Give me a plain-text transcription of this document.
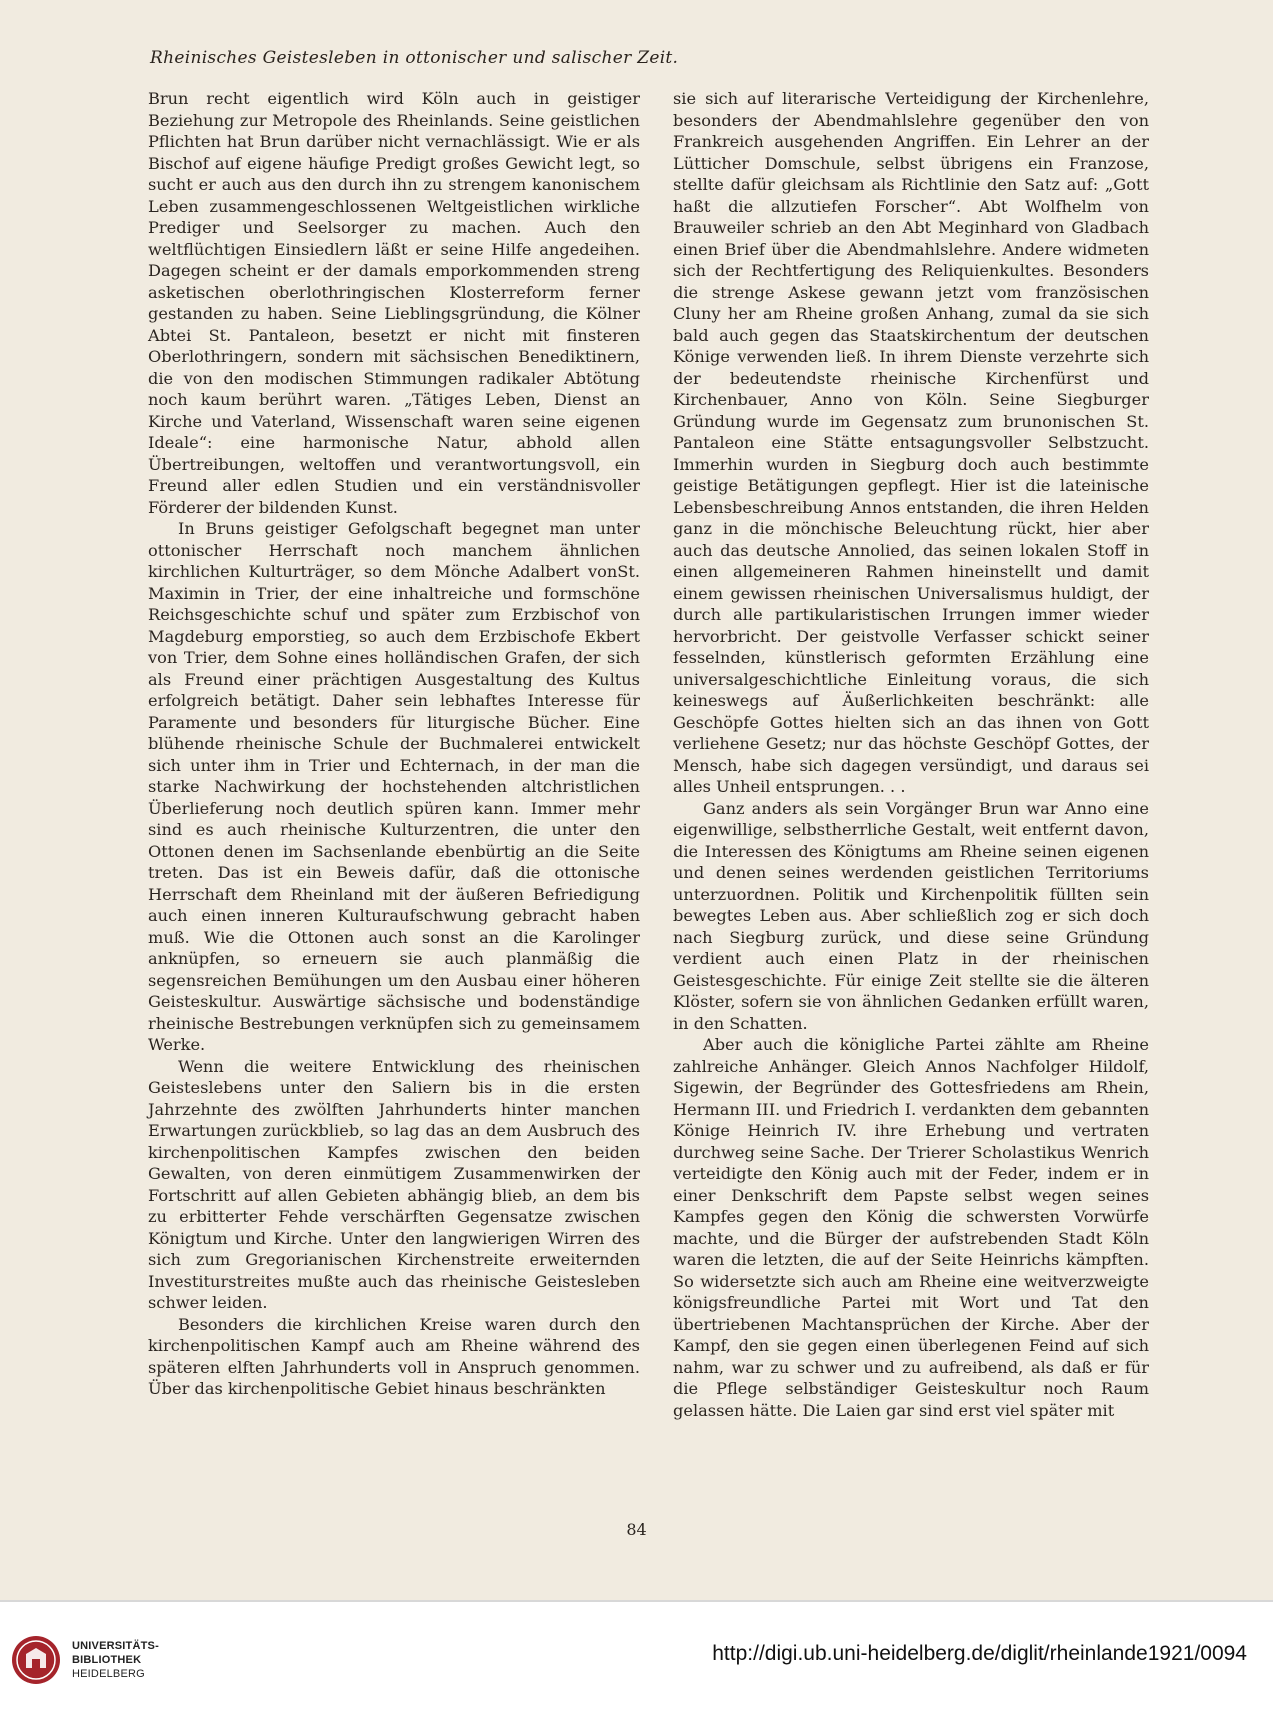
Rheinisches Geistesleben in ottonischer und salischer Zeit.

Brun recht eigentlich wird Köln auch in geistiger Beziehung zur Metropole des Rheinlands. Seine geistlichen Pflichten hat Brun darüber nicht vernachlässigt. Wie er als Bischof auf eigene häufige Predigt großes Gewicht legt, so sucht er auch aus den durch ihn zu strengem kanonischem Leben zusammengeschlossenen Weltgeistlichen wirkliche Prediger und Seelsorger zu machen. Auch den weltflüchtigen Einsiedlern läßt er seine Hilfe angedeihen. Dagegen scheint er der damals emporkommenden streng asketischen oberlothringischen Klosterreform ferner gestanden zu haben. Seine Lieblingsgründung, die Kölner Abtei St. Pantaleon, besetzt er nicht mit finsteren Oberlothringern, sondern mit sächsischen Benediktinern, die von den modischen Stimmungen radikaler Abtötung noch kaum berührt waren. „Tätiges Leben, Dienst an Kirche und Vaterland, Wissenschaft waren seine eigenen Ideale“: eine harmonische Natur, abhold allen Übertreibungen, weltoffen und verantwortungsvoll, ein Freund aller edlen Studien und ein verständnisvoller Förderer der bildenden Kunst.

In Bruns geistiger Gefolgschaft begegnet man unter ottonischer Herrschaft noch manchem ähnlichen kirchlichen Kulturträger, so dem Mönche Adalbert vonSt. Maximin in Trier, der eine inhaltreiche und formschöne Reichsgeschichte schuf und später zum Erzbischof von Magdeburg emporstieg, so auch dem Erzbischofe Ekbert von Trier, dem Sohne eines holländischen Grafen, der sich als Freund einer prächtigen Ausgestaltung des Kultus erfolgreich betätigt. Daher sein lebhaftes Interesse für Paramente und besonders für liturgische Bücher. Eine blühende rheinische Schule der Buchmalerei entwickelt sich unter ihm in Trier und Echternach, in der man die starke Nachwirkung der hochstehenden altchristlichen Überlieferung noch deutlich spüren kann. Immer mehr sind es auch rheinische Kulturzentren, die unter den Ottonen denen im Sachsenlande ebenbürtig an die Seite treten. Das ist ein Beweis dafür, daß die ottonische Herrschaft dem Rheinland mit der äußeren Befriedigung auch einen inneren Kulturaufschwung gebracht haben muß. Wie die Ottonen auch sonst an die Karolinger anknüpfen, so erneuern sie auch planmäßig die segensreichen Bemühungen um den Ausbau einer höheren Geisteskultur. Auswärtige sächsische und bodenständige rheinische Bestrebungen verknüpfen sich zu gemeinsamem Werke.

Wenn die weitere Entwicklung des rheinischen Geisteslebens unter den Saliern bis in die ersten Jahrzehnte des zwölften Jahrhunderts hinter manchen Erwartungen zurückblieb, so lag das an dem Ausbruch des kirchenpolitischen Kampfes zwischen den beiden Gewalten, von deren einmütigem Zusammenwirken der Fortschritt auf allen Gebieten abhängig blieb, an dem bis zu erbitterter Fehde verschärften Gegensatze zwischen Königtum und Kirche. Unter den langwierigen Wirren des sich zum Gregorianischen Kirchenstreite erweiternden Investiturstreites mußte auch das rheinische Geistesleben schwer leiden.

Besonders die kirchlichen Kreise waren durch den kirchenpolitischen Kampf auch am Rheine während des späteren elften Jahrhunderts voll in Anspruch genommen. Über das kirchenpolitische Gebiet hinaus beschränkten

sie sich auf literarische Verteidigung der Kirchenlehre, besonders der Abendmahlslehre gegenüber den von Frankreich ausgehenden Angriffen. Ein Lehrer an der Lütticher Domschule, selbst übrigens ein Franzose, stellte dafür gleichsam als Richtlinie den Satz auf: „Gott haßt die allzutiefen Forscher“. Abt Wolfhelm von Brauweiler schrieb an den Abt Meginhard von Gladbach einen Brief über die Abendmahlslehre. Andere widmeten sich der Rechtfertigung des Reliquienkultes. Besonders die strenge Askese gewann jetzt vom französischen Cluny her am Rheine großen Anhang, zumal da sie sich bald auch gegen das Staatskirchentum der deutschen Könige verwenden ließ. In ihrem Dienste verzehrte sich der bedeutendste rheinische Kirchenfürst und Kirchenbauer, Anno von Köln. Seine Siegburger Gründung wurde im Gegensatz zum brunonischen St. Pantaleon eine Stätte entsagungsvoller Selbstzucht. Immerhin wurden in Siegburg doch auch bestimmte geistige Betätigungen gepflegt. Hier ist die lateinische Lebensbeschreibung Annos entstanden, die ihren Helden ganz in die mönchische Beleuchtung rückt, hier aber auch das deutsche Annolied, das seinen lokalen Stoff in einen allgemeineren Rahmen hineinstellt und damit einem gewissen rheinischen Universalismus huldigt, der durch alle partikularistischen Irrungen immer wieder hervorbricht. Der geistvolle Verfasser schickt seiner fesselnden, künstlerisch geformten Erzählung eine universalgeschichtliche Einleitung voraus, die sich keineswegs auf Äußerlichkeiten beschränkt: alle Geschöpfe Gottes hielten sich an das ihnen von Gott verliehene Gesetz; nur das höchste Geschöpf Gottes, der Mensch, habe sich dagegen versündigt, und daraus sei alles Unheil entsprungen. . .

Ganz anders als sein Vorgänger Brun war Anno eine eigenwillige, selbstherrliche Gestalt, weit entfernt davon, die Interessen des Königtums am Rheine seinen eigenen und denen seines werdenden geistlichen Territoriums unterzuordnen. Politik und Kirchenpolitik füllten sein bewegtes Leben aus. Aber schließlich zog er sich doch nach Siegburg zurück, und diese seine Gründung verdient auch einen Platz in der rheinischen Geistesgeschichte. Für einige Zeit stellte sie die älteren Klöster, sofern sie von ähnlichen Gedanken erfüllt waren, in den Schatten.

Aber auch die königliche Partei zählte am Rheine zahlreiche Anhänger. Gleich Annos Nachfolger Hildolf, Sigewin, der Begründer des Gottesfriedens am Rhein, Hermann III. und Friedrich I. verdankten dem gebannten Könige Heinrich IV. ihre Erhebung und vertraten durchweg seine Sache. Der Trierer Scholastikus Wenrich verteidigte den König auch mit der Feder, indem er in einer Denkschrift dem Papste selbst wegen seines Kampfes gegen den König die schwersten Vorwürfe machte, und die Bürger der aufstrebenden Stadt Köln waren die letzten, die auf der Seite Heinrichs kämpften. So widersetzte sich auch am Rheine eine weitverzweigte königsfreundliche Partei mit Wort und Tat den übertriebenen Machtansprüchen der Kirche. Aber der Kampf, den sie gegen einen überlegenen Feind auf sich nahm, war zu schwer und zu aufreibend, als daß er für die Pflege selbständiger Geisteskultur noch Raum gelassen hätte. Die Laien gar sind erst viel später mit

84
UNIVERSITÄTS-
BIBLIOTHEK
HEIDELBERG
http://digi.ub.uni-heidelberg.de/diglit/rheinlande1921/0094
